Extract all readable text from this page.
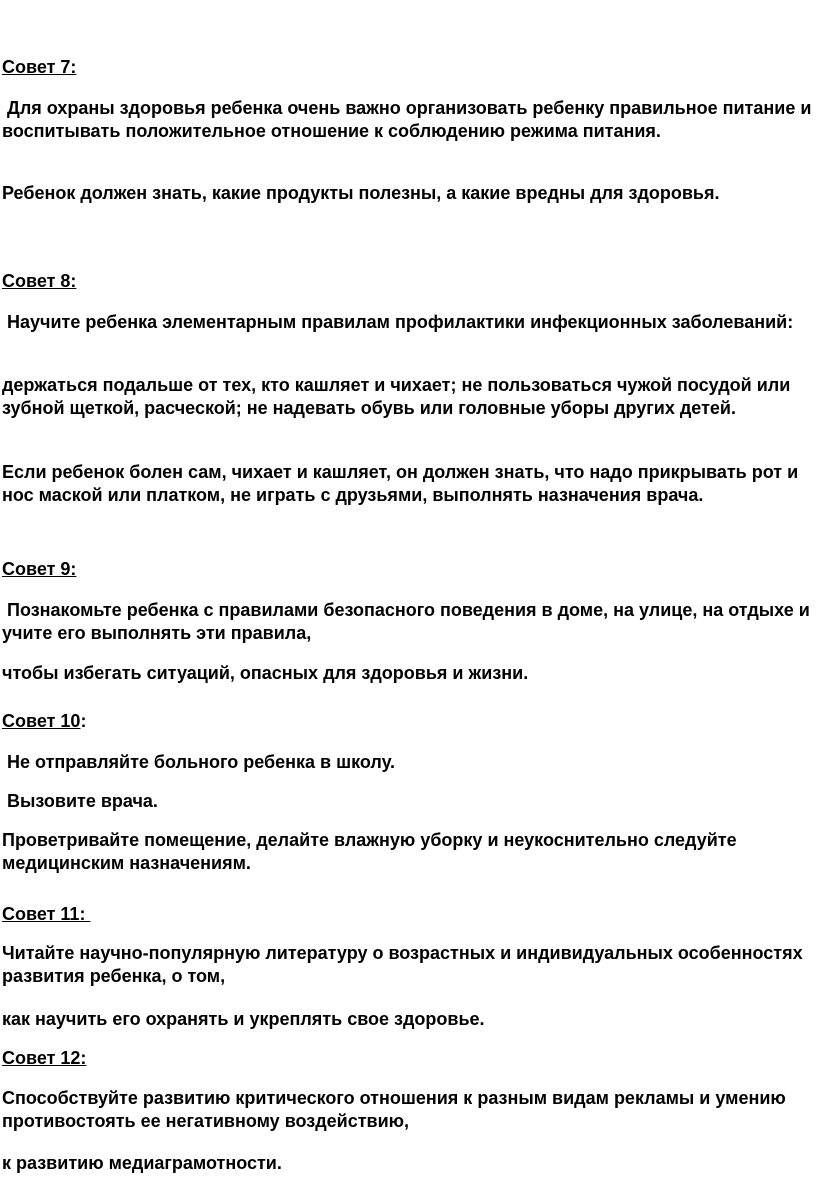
Совет 7:

Для охраны здоровья ребенка очень важно организовать ребенку правильное питание и воспитывать положительное отношение к соблюдению режима питания.

Ребенок должен знать, какие продукты полезны, а какие вредны для здоровья.

Совет 8:

Научите ребенка элементарным правилам профилактики инфекционных заболеваний:

держаться подальше от тех, кто кашляет и чихает; не пользоваться чужой посудой или зубной щеткой, расческой; не надевать обувь или головные уборы других детей.

Если ребенок болен сам, чихает и кашляет, он должен знать, что надо прикрывать рот и нос маской или платком, не играть с друзьями, выполнять назначения врача.

Совет 9:

Познакомьте ребенка с правилами безопасного поведения в доме, на улице, на отдыхе и учите его выполнять эти правила,

чтобы избегать ситуаций, опасных для здоровья и жизни.

Совет 10:

Не отправляйте больного ребенка в школу.

Вызовите врача.

Проветривайте помещение, делайте влажную уборку и неукоснительно следуйте медицинским назначениям.

Совет 11:

Читайте научно-популярную литературу о возрастных и индивидуальных особенностях развития ребенка, о том,

как научить его охранять и укреплять свое здоровье.

Совет 12:

Способствуйте развитию критического отношения к разным видам рекламы и умению противостоять ее негативному воздействию,

к развитию медиаграмотности.
